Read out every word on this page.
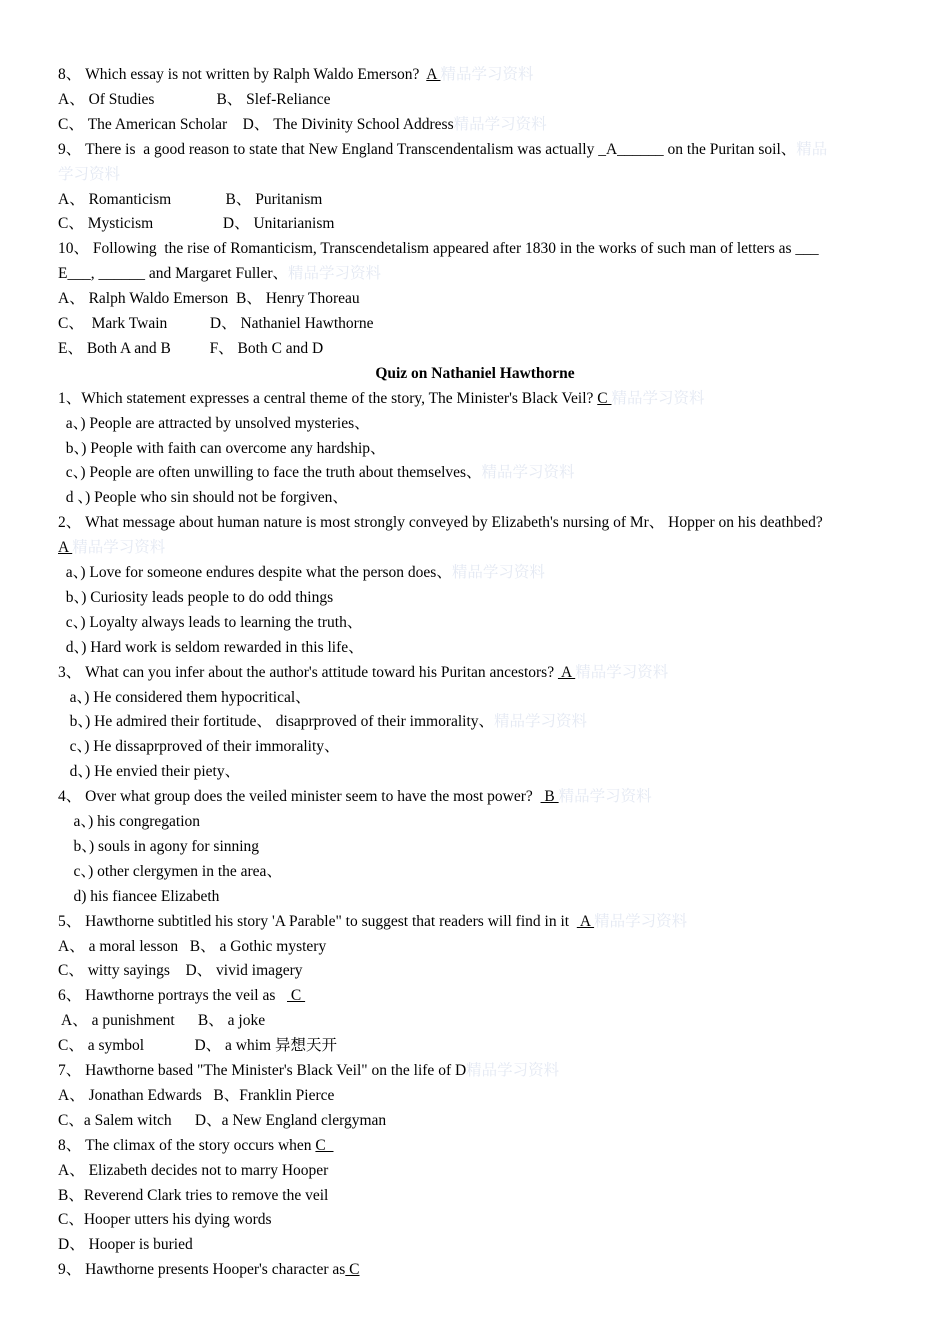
8、 Which essay is not written by Ralph Waldo Emerson?  A 精品学习资料
A、 Of Studies                B、 Slef-Reliance
C、 The American Scholar    D、 The Divinity School Address精品学习资料
9、 There is  a good reason to state that New England Transcendentalism was actually _A______ on the Puritan soil、精品
学习资料
A、 Romanticism              B、 Puritanism
C、 Mysticism                  D、 Unitarianism
10、 Following  the rise of Romanticism, Transcendetalism appeared after 1830 in the works of such man of letters as ___
E___, ______ and Margaret Fuller、精品学习资料
A、 Ralph Waldo Emerson  B、 Henry Thoreau
C、  Mark Twain           D、 Nathaniel Hawthorne
E、 Both A and B          F、 Both C and D
Quiz on Nathaniel Hawthorne
1、Which statement expresses a central theme of the story, The Minister's Black Veil? C 精品学习资料
a、) People are attracted by unsolved mysteries、
b、) People with faith can overcome any hardship、
c、) People are often unwilling to face the truth about themselves、精品学习资料
d 、) People who sin should not be forgiven、
2、 What message about human nature is most strongly conveyed by Elizabeth's nursing of Mr、 Hopper on his deathbed?
A 精品学习资料
a、) Love for someone endures despite what the person does、精品学习资料
b、) Curiosity leads people to do odd things
c、) Loyalty always leads to learning the truth、
d、) Hard work is seldom rewarded in this life、
3、 What can you infer about the author's attitude toward his Puritan ancestors?  A 精品学习资料
a、) He considered them hypocritical、
b、) He admired their fortitude、 disaprproved of their immorality、精品学习资料
c、) He dissaprproved of their immorality、
d、) He envied their piety、
4、 Over what group does the veiled minister seem to have the most power?   B 精品学习资料
a、) his congregation
b、) souls in agony for sinning
c、) other clergymen in the area、
d) his fiancee Elizabeth
5、 Hawthorne subtitled his story 'A Parable" to suggest that readers will find in it   A 精品学习资料
A、 a moral lesson   B、 a Gothic mystery
C、 witty sayings    D、 vivid imagery
6、 Hawthorne portrays the veil as    C
A、 a punishment      B、 a joke
C、 a symbol             D、 a whim 异想天开
7、 Hawthorne based "The Minister's Black Veil" on the life of D精品学习资料
A、 Jonathan Edwards   B、Franklin Pierce
C、a Salem witch      D、a New England clergyman
8、 The climax of the story occurs when C
A、 Elizabeth decides not to marry Hooper
B、Reverend Clark tries to remove the veil
C、Hooper utters his dying words
D、 Hooper is buried
9、 Hawthorne presents Hooper's character as C
